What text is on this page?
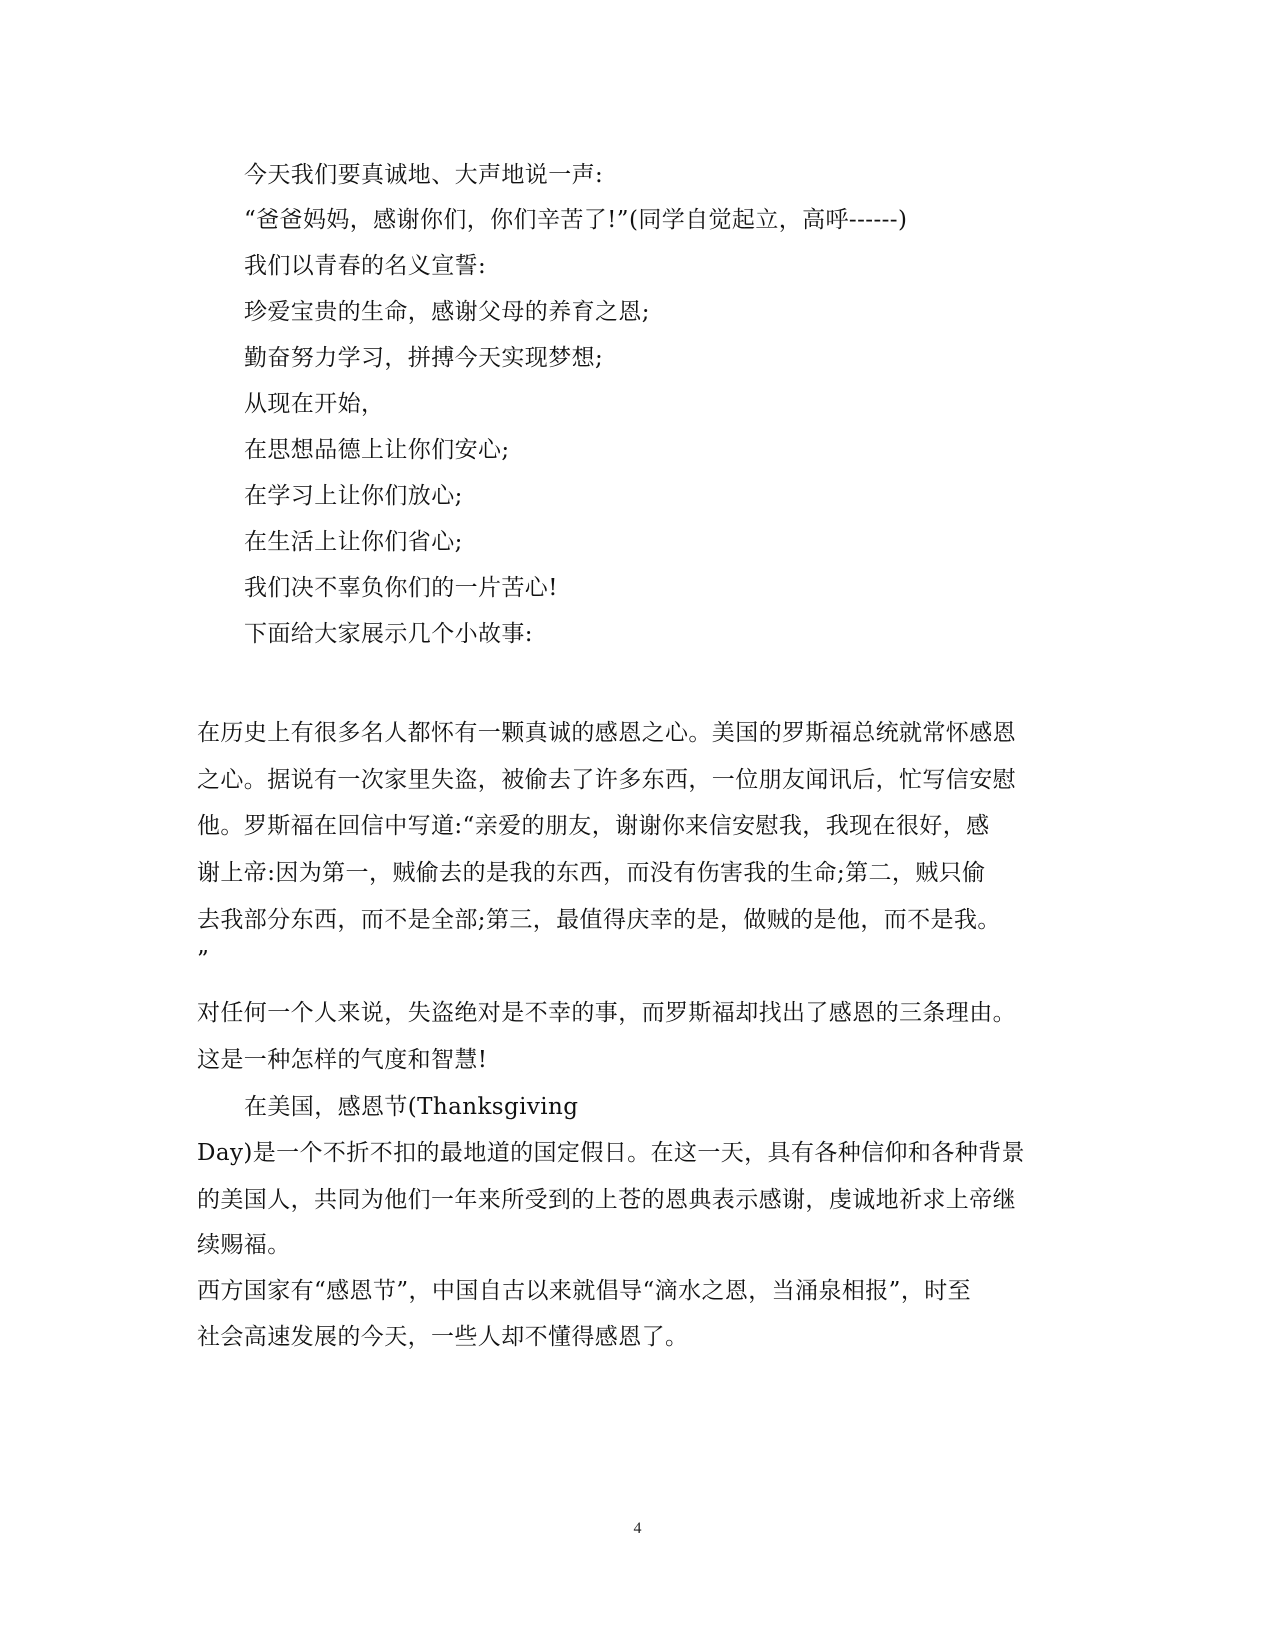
今天我们要真诚地、大声地说一声:
“爸爸妈妈，感谢你们，你们辛苦了!”(同学自觉起立，高呼------)
我们以青春的名义宣誓:
珍爱宝贵的生命，感谢父母的养育之恩;
勤奋努力学习，拼搏今天实现梦想;
从现在开始，
在思想品德上让你们安心;
在学习上让你们放心;
在生活上让你们省心;
我们决不辜负你们的一片苦心!
下面给大家展示几个小故事:
在历史上有很多名人都怀有一颗真诚的感恩之心。美国的罗斯福总统就常怀感恩
之心。据说有一次家里失盗，被偷去了许多东西，一位朋友闻讯后，忙写信安慰
他。罗斯福在回信中写道:“亲爱的朋友，谢谢你来信安慰我，我现在很好，感
谢上帝:因为第一，贼偷去的是我的东西，而没有伤害我的生命;第二，贼只偷
去我部分东西，而不是全部;第三，最值得庆幸的是，做贼的是他，而不是我。
”
对任何一个人来说，失盗绝对是不幸的事，而罗斯福却找出了感恩的三条理由。
这是一种怎样的气度和智慧!
在美国，感恩节(Thanksgiving
Day)是一个不折不扣的最地道的国定假日。在这一天，具有各种信仰和各种背景
的美国人，共同为他们一年来所受到的上苍的恩典表示感谢，虔诚地祈求上帝继
续赐福。
西方国家有“感恩节”，中国自古以来就倡导“滴水之恩，当涌泉相报”，时至
社会高速发展的今天，一些人却不懂得感恩了。
4
